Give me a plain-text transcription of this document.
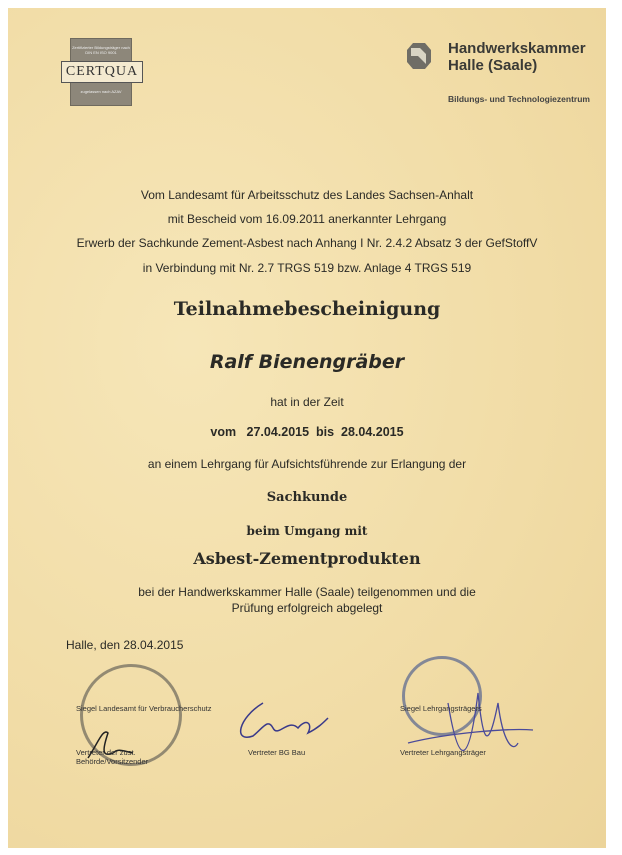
Zertifizierter Bildungsträger nach DIN EN ISO 9001
CERTQUA
zugelassen nach AZAV
Handwerkskammer
Halle (Saale)
Bildungs- und Technologiezentrum
Vom Landesamt für Arbeitsschutz des Landes Sachsen-Anhalt
mit Bescheid vom 16.09.2011 anerkannter Lehrgang
Erwerb der Sachkunde Zement-Asbest nach Anhang I Nr. 2.4.2 Absatz 3 der GefStoffV
in Verbindung mit Nr. 2.7 TRGS 519 bzw. Anlage 4 TRGS 519
Teilnahmebescheinigung
Ralf Bienengräber
hat in der Zeit
vom   27.04.2015  bis  28.04.2015
an einem Lehrgang für Aufsichtsführende zur Erlangung der
Sachkunde
beim Umgang mit
Asbest-Zementprodukten
bei der Handwerkskammer Halle (Saale) teilgenommen und die
Prüfung erfolgreich abgelegt
Halle, den 28.04.2015
Siegel Landesamt für Verbraucherschutz
Vertreter der zust.
Behörde/Vorsitzender
Vertreter BG Bau
Siegel Lehrgangsträgers
Vertreter Lehrgangsträger
